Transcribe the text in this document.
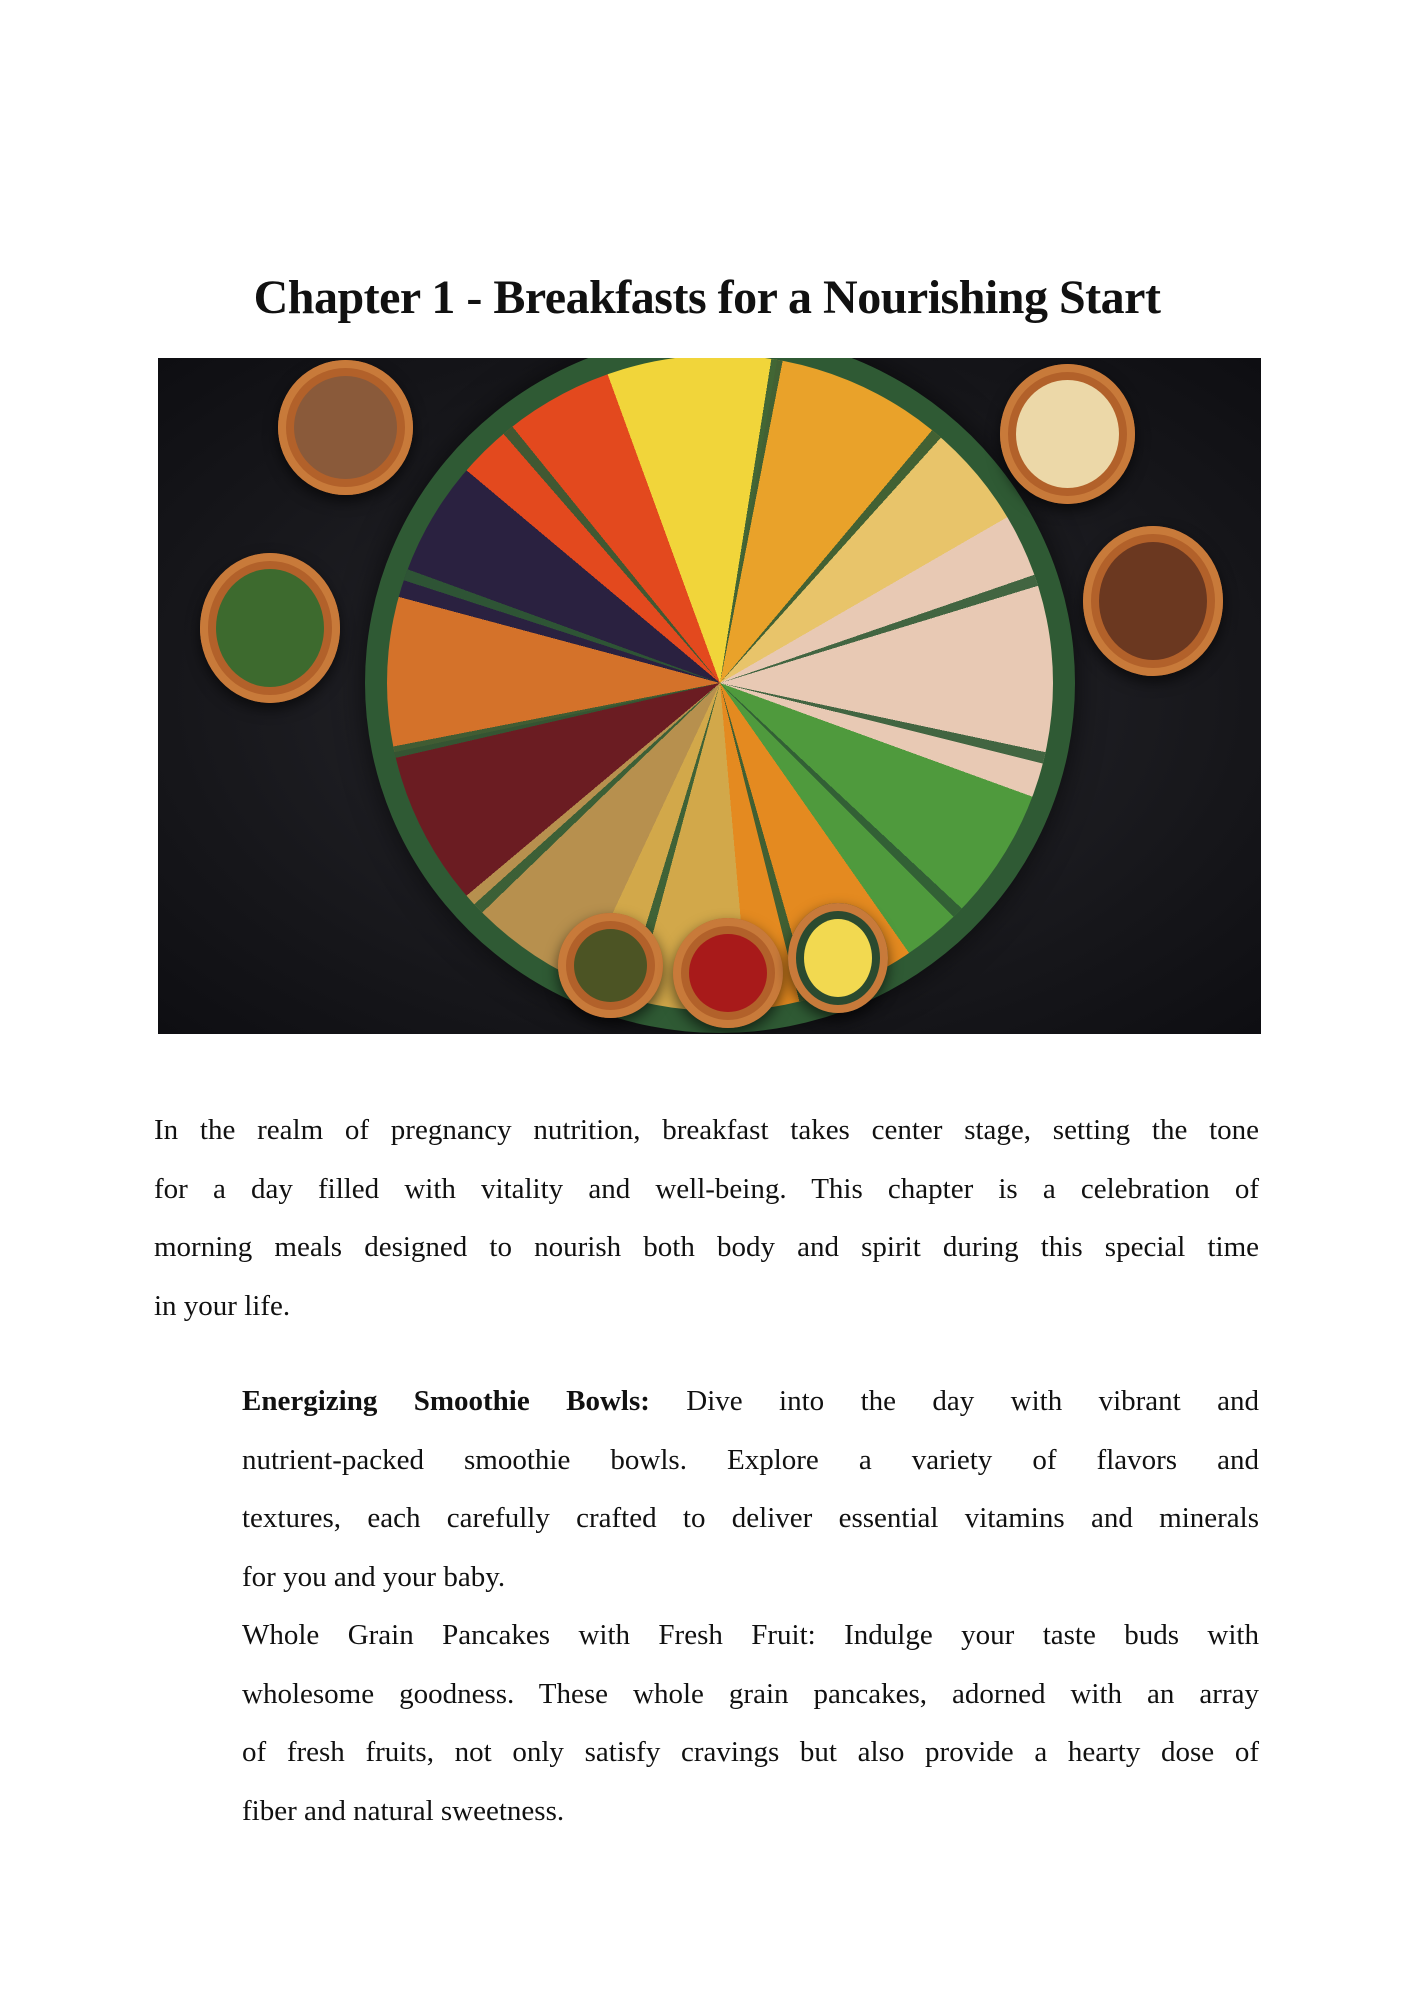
Chapter 1 - Breakfasts for a Nourishing Start
In the realm of pregnancy nutrition, breakfast takes center stage, setting the tone
for a day filled with vitality and well-being. This chapter is a celebration of
morning meals designed to nourish both body and spirit during this special time
in your life.
Energizing Smoothie Bowls: Dive into the day with vibrant and
nutrient-packed smoothie bowls. Explore a variety of flavors and
textures, each carefully crafted to deliver essential vitamins and minerals
for you and your baby.
Whole Grain Pancakes with Fresh Fruit: Indulge your taste buds with
wholesome goodness. These whole grain pancakes, adorned with an array
of fresh fruits, not only satisfy cravings but also provide a hearty dose of
fiber and natural sweetness.
